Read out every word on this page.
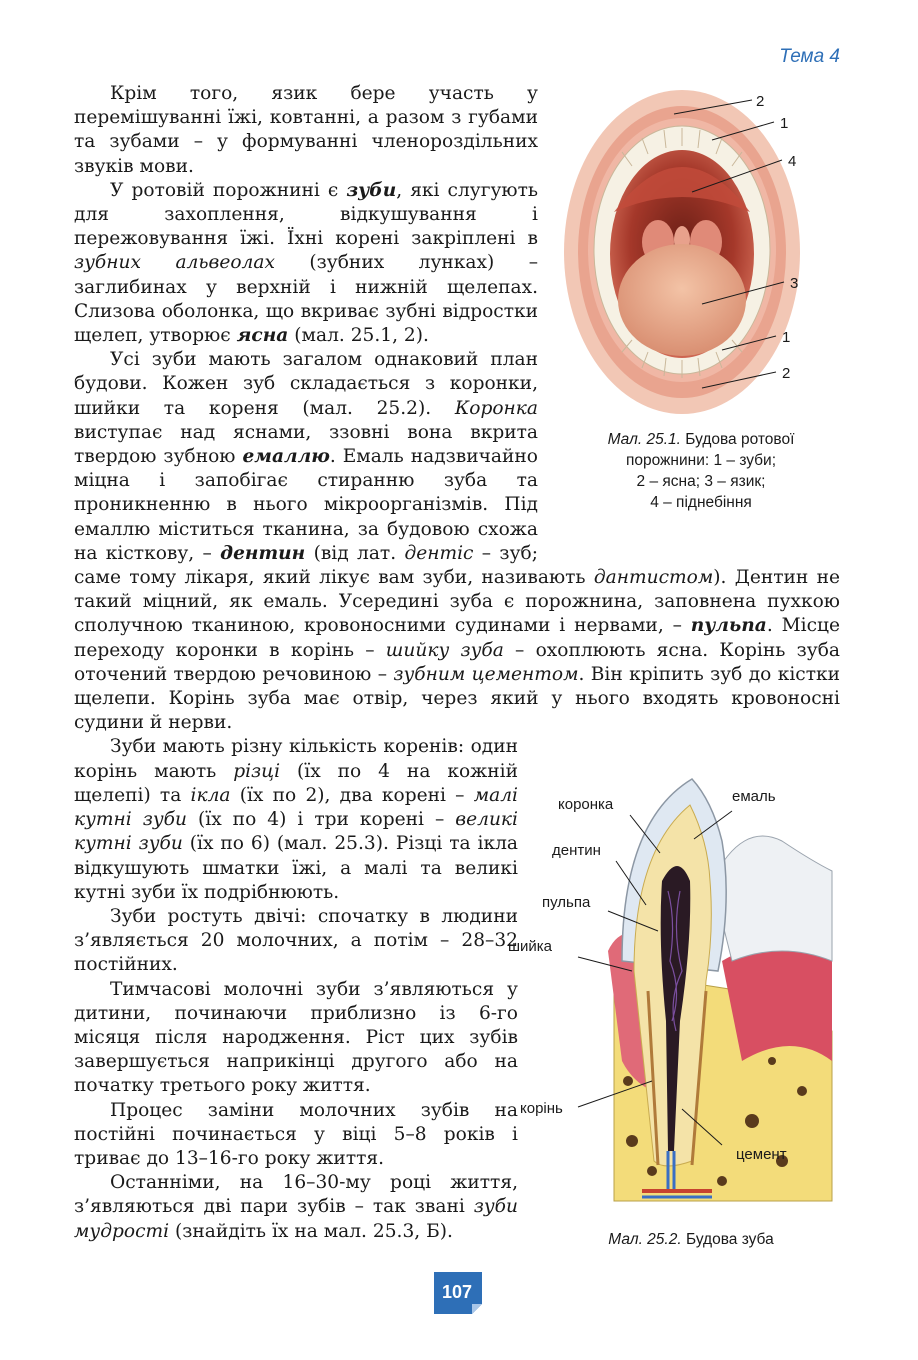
Тема 4
2
1
4
3
1
2
Мал. 25.1. Будова ротової
порожнини: 1 – зуби;
2 – ясна; 3 – язик;
4 – піднебіння

Крім того, язик бере участь у перемішуванні їжі, ковтанні, а разом з губами та зубами – у формуванні членороздільних звуків мови.

У ротовій порожнині є зуби, які слугують для захоплення, відкушування і пережовування їжі. Їхні корені закріплені в зубних альвеолах (зубних лунках) – заглибинах у верхній і нижній щелепах. Слизова оболонка, що вкриває зубні відростки щелеп, утворює ясна (мал. 25.1, 2).

Усі зуби мають загалом однаковий план будови. Кожен зуб складається з коронки, шийки та кореня (мал. 25.2). Коронка виступає над яснами, ззовні вона вкрита твердою зубною емаллю. Емаль надзвичайно міцна і запобігає стиранню зуба та проникненню в нього мікроорганізмів. Під емаллю міститься тканина, за будовою схожа на кісткову, – дентин (від лат. дентіс – зуб; саме тому лікаря, який лікує вам зуби, називають дантистом). Дентин не такий міцний, як емаль. Усередині зуба є порожнина, заповнена пухкою сполучною тканиною, кровоносними судинами і нервами, – пульпа. Місце переходу коронки в корінь – шийку зуба – охоплюють ясна. Корінь зуба оточений твердою речовиною – зубним цементом. Він кріпить зуб до кістки щелепи. Корінь зуба має отвір, через який у нього входять кровоносні судини й нерви.

коронка	емаль
дентин
пульпа
шийка
корінь
цемент
Мал. 25.2. Будова зуба

Зуби мають різну кількість коренів: один корінь мають різці (їх по 4 на кожній щелепі) та ікла (їх по 2), два корені – малі кутні зуби (їх по 4) і три корені – великі кутні зуби (їх по 6) (мал. 25.3). Різці та ікла відкушують шматки їжі, а малі та великі кутні зуби їх подрібнюють.

Зуби ростуть двічі: спочатку в людини з’являється 20 молочних, а потім – 28–32 постійних.

Тимчасові молочні зуби з’являються у дитини, починаючи приблизно із 6-го місяця після народження. Ріст цих зубів завершується наприкінці другого або на початку третього року життя.

Процес заміни молочних зубів на постійні починається у віці 5–8 років і триває до 13–16-го року життя.

Останніми, на 16–30-му році життя, з’являються дві пари зубів – так звані зуби мудрості (знайдіть їх на мал. 25.3, Б).

107
